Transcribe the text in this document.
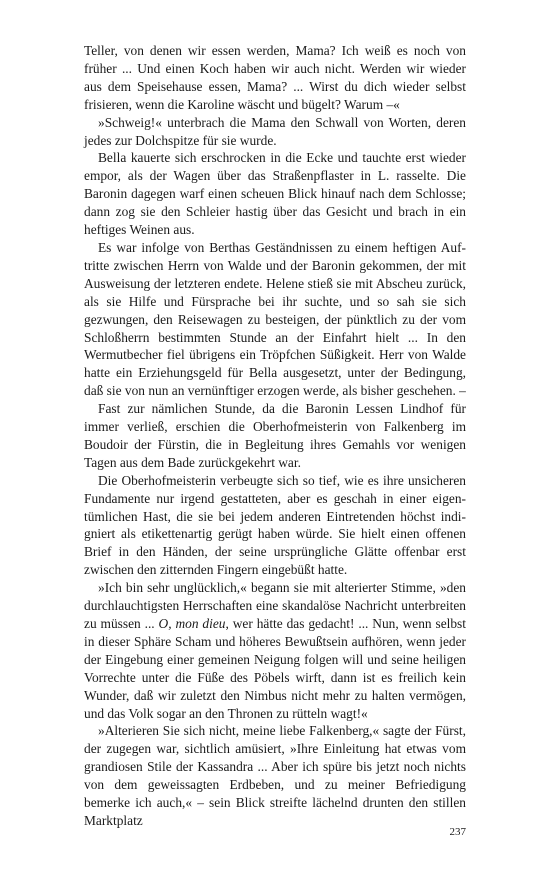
Teller, von denen wir essen werden, Mama? Ich weiß es noch von früher ... Und einen Koch haben wir auch nicht. Werden wir wieder aus dem Speisehause essen, Mama? ... Wirst du dich wieder selbst frisieren, wenn die Karoline wäscht und bügelt? Warum –«

»Schweig!« unterbrach die Mama den Schwall von Worten, deren jedes zur Dolchspitze für sie wurde.

Bella kauerte sich erschrocken in die Ecke und tauchte erst wieder empor, als der Wagen über das Straßenpflaster in L. rasselte. Die Baronin dagegen warf einen scheuen Blick hinauf nach dem Schlosse; dann zog sie den Schleier hastig über das Gesicht und brach in ein heftiges Weinen aus.

Es war infolge von Berthas Geständnissen zu einem heftigen Auftritte zwischen Herrn von Walde und der Baronin gekommen, der mit Ausweisung der letzteren endete. Helene stieß sie mit Abscheu zurück, als sie Hilfe und Fürsprache bei ihr suchte, und so sah sie sich gezwungen, den Reisewagen zu besteigen, der pünktlich zu der vom Schloßherrn bestimmten Stunde an der Einfahrt hielt ... In den Wermutbecher fiel übrigens ein Tröpfchen Süßigkeit. Herr von Walde hatte ein Erziehungsgeld für Bella ausgesetzt, unter der Bedingung, daß sie von nun an vernünftiger erzogen werde, als bisher geschehen. –

Fast zur nämlichen Stunde, da die Baronin Lessen Lindhof für immer verließ, erschien die Oberhofmeisterin von Falkenberg im Boudoir der Fürstin, die in Begleitung ihres Gemahls vor wenigen Tagen aus dem Bade zurückgekehrt war.

Die Oberhofmeisterin verbeugte sich so tief, wie es ihre unsicheren Fundamente nur irgend gestatteten, aber es geschah in einer eigentümlichen Hast, die sie bei jedem anderen Eintretenden höchst indigniert als etikettenartig gerügt haben würde. Sie hielt einen offenen Brief in den Händen, der seine ursprüngliche Glätte offenbar erst zwischen den zitternden Fingern eingebüßt hatte.

»Ich bin sehr unglücklich,« begann sie mit alterierter Stimme, »den durchlauchtigsten Herrschaften eine skandalöse Nachricht unterbreiten zu müssen ... O, mon dieu, wer hätte das gedacht! ... Nun, wenn selbst in dieser Sphäre Scham und höheres Bewußtsein aufhören, wenn jeder der Eingebung einer gemeinen Neigung folgen will und seine heiligen Vorrechte unter die Füße des Pöbels wirft, dann ist es freilich kein Wunder, daß wir zuletzt den Nimbus nicht mehr zu halten vermögen, und das Volk sogar an den Thronen zu rütteln wagt!«

»Alterieren Sie sich nicht, meine liebe Falkenberg,« sagte der Fürst, der zugegen war, sichtlich amüsiert, »Ihre Einleitung hat etwas vom grandiosen Stile der Kassandra ... Aber ich spüre bis jetzt noch nichts von dem geweissagten Erdbeben, und zu meiner Befriedigung bemerke ich auch,« – sein Blick streifte lächelnd drunten den stillen Marktplatz

237
